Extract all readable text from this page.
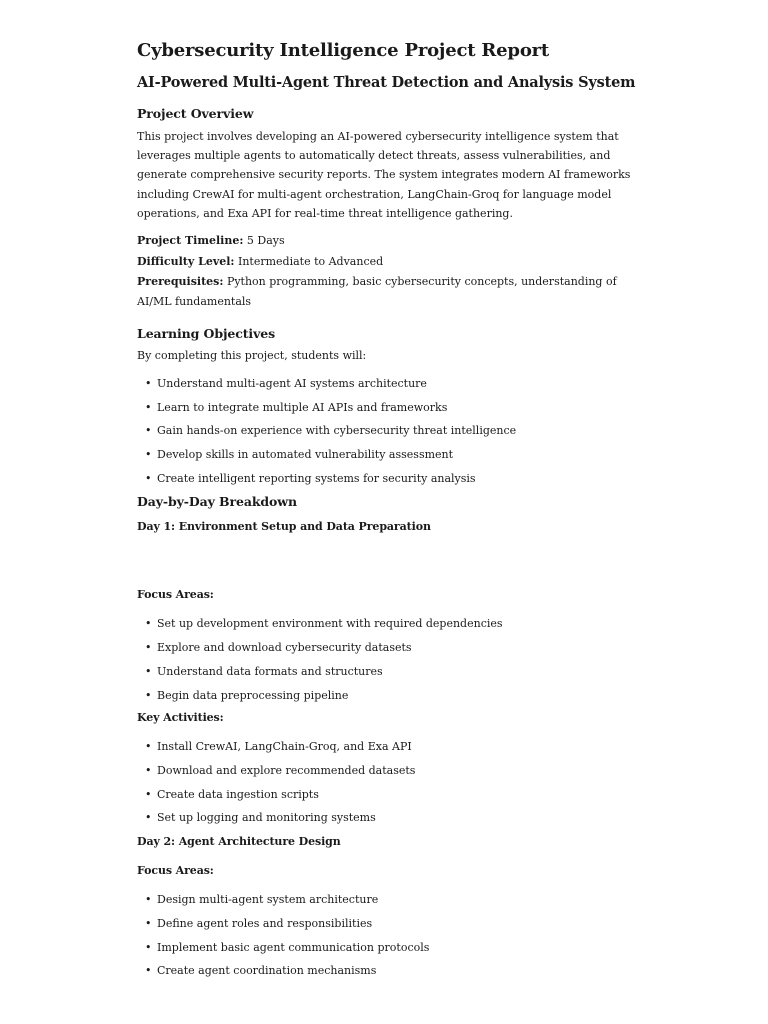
Cybersecurity Intelligence Project Report
AI-Powered Multi-Agent Threat Detection and Analysis System
Project Overview

This project involves developing an AI-powered cybersecurity intelligence system that leverages multiple agents to automatically detect threats, assess vulnerabilities, and generate comprehensive security reports. The system integrates modern AI frameworks including CrewAI for multi-agent orchestration, LangChain-Groq for language model operations, and Exa API for real-time threat intelligence gathering.

Project Timeline: 5 Days

Difficulty Level: Intermediate to Advanced

Prerequisites: Python programming, basic cybersecurity concepts, understanding of AI/ML fundamentals

Learning Objectives

By completing this project, students will:

• Understand multi-agent AI systems architecture
• Learn to integrate multiple AI APIs and frameworks
• Gain hands-on experience with cybersecurity threat intelligence
• Develop skills in automated vulnerability assessment
• Create intelligent reporting systems for security analysis
Day-by-Day Breakdown
Day 1: Environment Setup and Data Preparation
Focus Areas:
• Set up development environment with required dependencies
• Explore and download cybersecurity datasets
• Understand data formats and structures
• Begin data preprocessing pipeline
Key Activities:
• Install CrewAI, LangChain-Groq, and Exa API
• Download and explore recommended datasets
• Create data ingestion scripts
• Set up logging and monitoring systems
Day 2: Agent Architecture Design
Focus Areas:
• Design multi-agent system architecture
• Define agent roles and responsibilities
• Implement basic agent communication protocols
• Create agent coordination mechanisms
